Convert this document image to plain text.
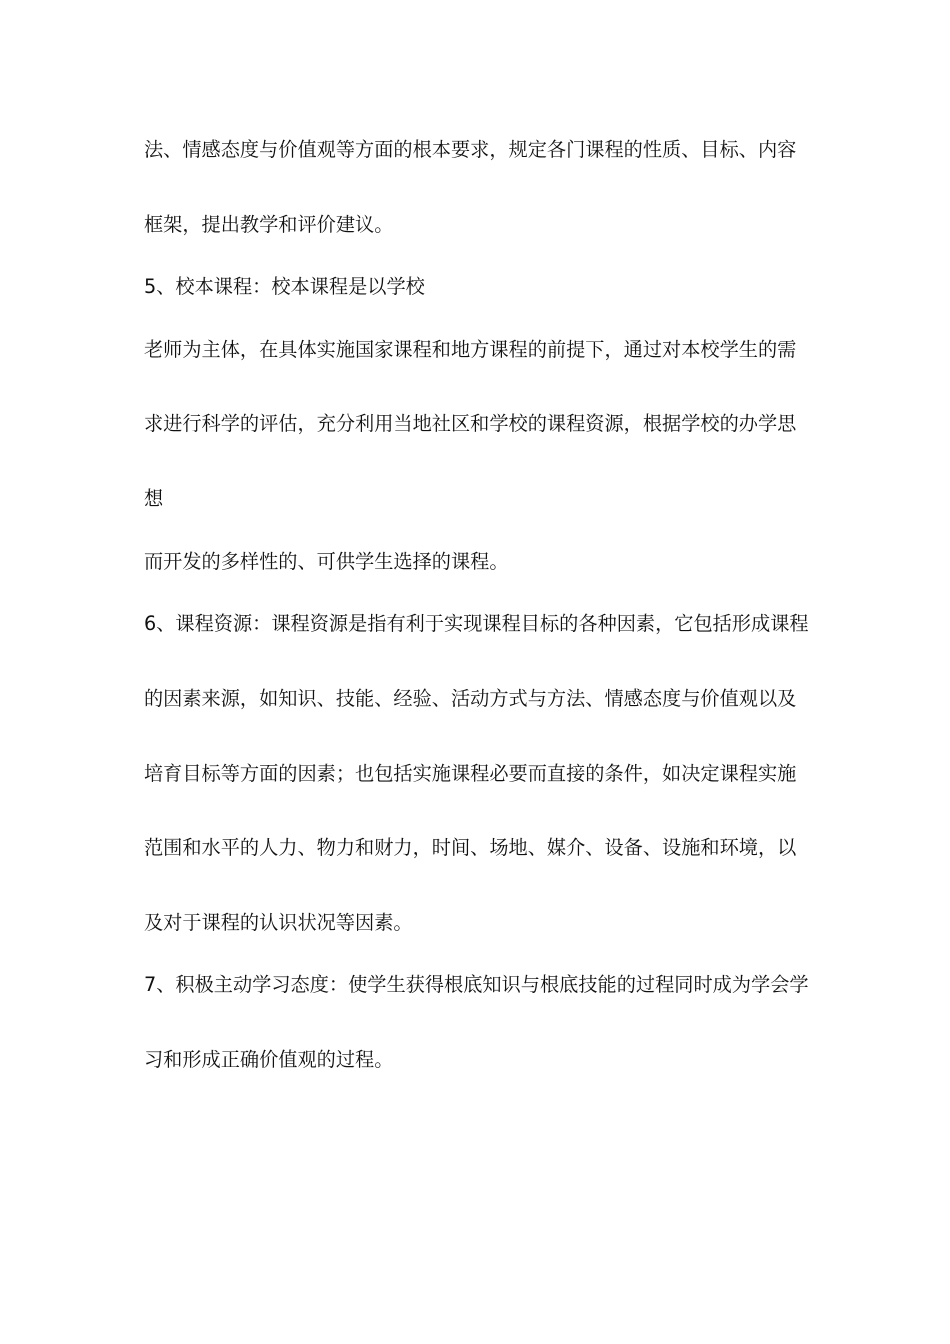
法、情感态度与价值观等方面的根本要求，规定各门课程的性质、目标、内容
框架，提出教学和评价建议。
5、校本课程：校本课程是以学校
老师为主体，在具体实施国家课程和地方课程的前提下，通过对本校学生的需
求进行科学的评估，充分利用当地社区和学校的课程资源，根据学校的办学思
想
而开发的多样性的、可供学生选择的课程。
6、课程资源：课程资源是指有利于实现课程目标的各种因素，它包括形成课程
的因素来源，如知识、技能、经验、活动方式与方法、情感态度与价值观以及
培育目标等方面的因素；也包括实施课程必要而直接的条件，如决定课程实施
范围和水平的人力、物力和财力，时间、场地、媒介、设备、设施和环境，以
及对于课程的认识状况等因素。
7、积极主动学习态度：使学生获得根底知识与根底技能的过程同时成为学会学
习和形成正确价值观的过程。
